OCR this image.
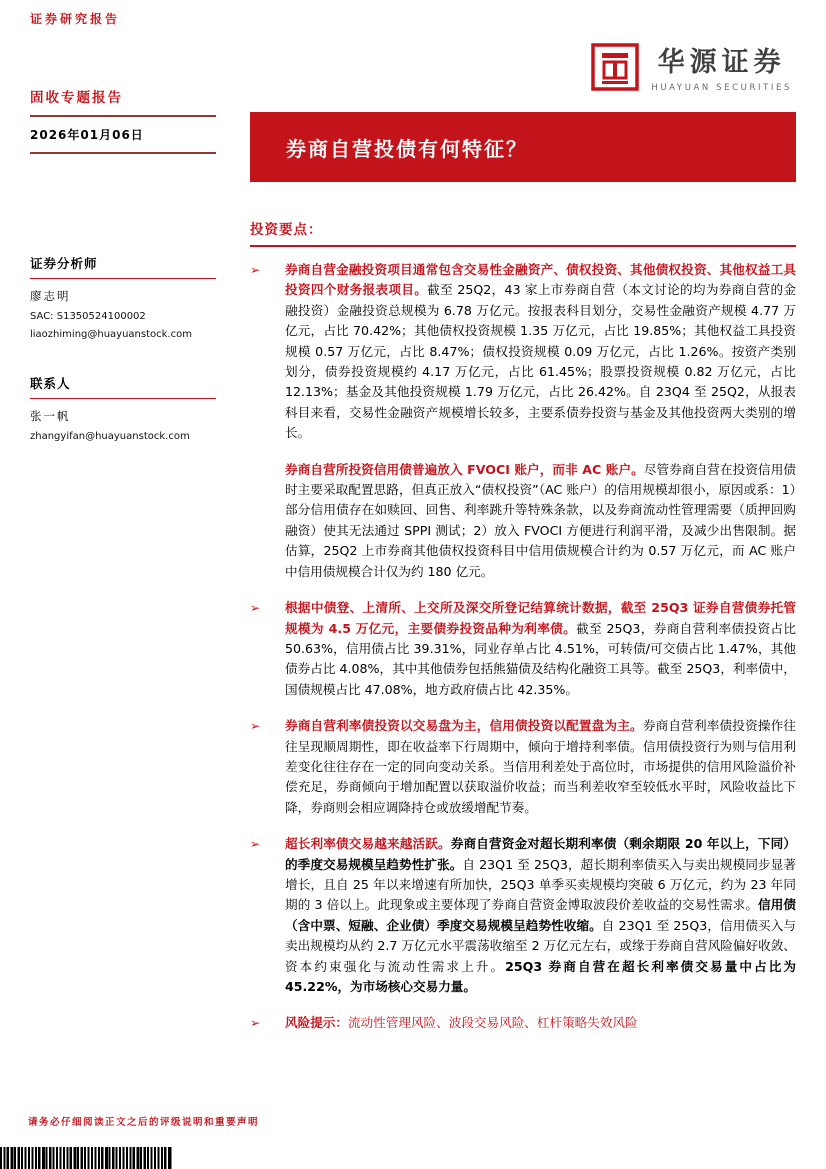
证券研究报告
华源证券
HUAYUAN SECURITIES
固收专题报告
2026年01月06日
证券分析师
廖志明
SAC: S1350524100002
liaozhiming@huayuanstock.com
联系人
张一帆
zhangyifan@huayuanstock.com
券商自营投债有何特征？
投资要点：
➢	券商自营金融投资项目通常包含交易性金融资产、债权投资、其他债权投资、其他权益工具投资四个财务报表项目。截至 25Q2，43 家上市券商自营（本文讨论的均为券商自营的金融投资）金融投资总规模为 6.78 万亿元。按报表科目划分，交易性金融资产规模 4.77 万亿元，占比 70.42%；其他债权投资规模 1.35 万亿元，占比 19.85%；其他权益工具投资规模 0.57 万亿元，占比 8.47%；债权投资规模 0.09 万亿元，占比 1.26%。按资产类别划分，债券投资规模约 4.17 万亿元，占比 61.45%；股票投资规模 0.82 万亿元，占比 12.13%；基金及其他投资规模 1.79 万亿元，占比 26.42%。自 23Q4 至 25Q2，从报表科目来看，交易性金融资产规模增长较多，主要系债券投资与基金及其他投资两大类别的增长。
券商自营所投资信用债普遍放入 FVOCI 账户，而非 AC 账户。尽管券商自营在投资信用债时主要采取配置思路，但真正放入“债权投资”（AC 账户）的信用规模却很小，原因或系：1）部分信用债存在如赎回、回售、利率跳升等特殊条款，以及券商流动性管理需要（质押回购融资）使其无法通过 SPPI 测试；2）放入 FVOCI 方便进行利润平滑，及减少出售限制。据估算，25Q2 上市券商其他债权投资科目中信用债规模合计约为 0.57 万亿元，而 AC 账户中信用债规模合计仅为约 180 亿元。
➢	根据中债登、上清所、上交所及深交所登记结算统计数据，截至 25Q3 证券自营债券托管规模为 4.5 万亿元，主要债券投资品种为利率债。截至 25Q3，券商自营利率债投资占比 50.63%，信用债占比 39.31%，同业存单占比 4.51%，可转债/可交债占比 1.47%，其他债券占比 4.08%，其中其他债券包括熊猫债及结构化融资工具等。截至 25Q3，利率债中，国债规模占比 47.08%，地方政府债占比 42.35%。
➢	券商自营利率债投资以交易盘为主，信用债投资以配置盘为主。券商自营利率债投资操作往往呈现顺周期性，即在收益率下行周期中，倾向于增持利率债。信用债投资行为则与信用利差变化往往存在一定的同向变动关系。当信用利差处于高位时，市场提供的信用风险溢价补偿充足，券商倾向于增加配置以获取溢价收益；而当利差收窄至较低水平时，风险收益比下降，券商则会相应调降持仓或放缓增配节奏。
➢	超长利率债交易越来越活跃。券商自营资金对超长期利率债（剩余期限 20 年以上，下同）的季度交易规模呈趋势性扩张。自 23Q1 至 25Q3，超长期利率债买入与卖出规模同步显著增长，且自 25 年以来增速有所加快，25Q3 单季买卖规模均突破 6 万亿元，约为 23 年同期的 3 倍以上。此现象或主要体现了券商自营资金博取波段价差收益的交易性需求。信用债（含中票、短融、企业债）季度交易规模呈趋势性收缩。自 23Q1 至 25Q3，信用债买入与卖出规模均从约 2.7 万亿元水平震荡收缩至 2 万亿元左右，或缘于券商自营风险偏好收敛、资本约束强化与流动性需求上升。25Q3 券商自营在超长利率债交易量中占比为 45.22%，为市场核心交易力量。
➢	风险提示：流动性管理风险、波段交易风险、杠杆策略失效风险
请务必仔细阅读正文之后的评级说明和重要声明
